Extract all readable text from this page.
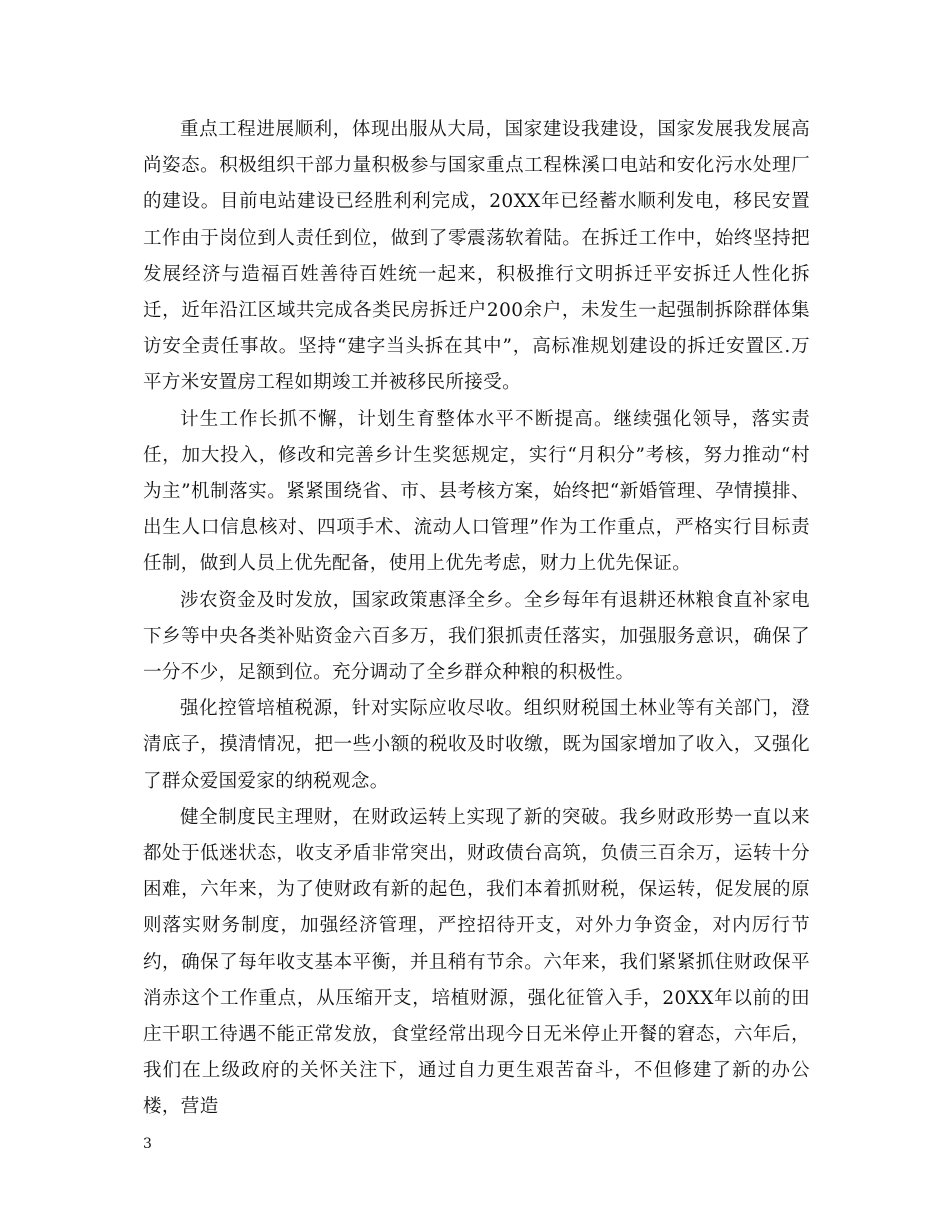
重点工程进展顺利，体现出服从大局，国家建设我建设，国家发展我发展高尚姿态。积极组织干部力量积极参与国家重点工程株溪口电站和安化污水处理厂的建设。目前电站建设已经胜利利完成，20XX年已经蓄水顺利发电，移民安置工作由于岗位到人责任到位，做到了零震荡软着陆。在拆迁工作中，始终坚持把发展经济与造福百姓善待百姓统一起来，积极推行文明拆迁平安拆迁人性化拆迁，近年沿江区域共完成各类民房拆迁户200余户，未发生一起强制拆除群体集访安全责任事故。坚持“建字当头拆在其中”，高标准规划建设的拆迁安置区.万平方米安置房工程如期竣工并被移民所接受。

计生工作长抓不懈，计划生育整体水平不断提高。继续强化领导，落实责任，加大投入，修改和完善乡计生奖惩规定，实行“月积分”考核，努力推动“村为主”机制落实。紧紧围绕省、市、县考核方案，始终把“新婚管理、孕情摸排、出生人口信息核对、四项手术、流动人口管理”作为工作重点，严格实行目标责任制，做到人员上优先配备，使用上优先考虑，财力上优先保证。

涉农资金及时发放，国家政策惠泽全乡。全乡每年有退耕还林粮食直补家电下乡等中央各类补贴资金六百多万，我们狠抓责任落实，加强服务意识，确保了一分不少，足额到位。充分调动了全乡群众种粮的积极性。

强化控管培植税源，针对实际应收尽收。组织财税国土林业等有关部门，澄清底子，摸清情况，把一些小额的税收及时收缴，既为国家增加了收入，又强化了群众爱国爱家的纳税观念。

健全制度民主理财，在财政运转上实现了新的突破。我乡财政形势一直以来都处于低迷状态，收支矛盾非常突出，财政债台高筑，负债三百余万，运转十分困难，六年来，为了使财政有新的起色，我们本着抓财税，保运转，促发展的原则落实财务制度，加强经济管理，严控招待开支，对外力争资金，对内厉行节约，确保了每年收支基本平衡，并且稍有节余。六年来，我们紧紧抓住财政保平消赤这个工作重点，从压缩开支，培植财源，强化征管入手，20XX年以前的田庄干职工待遇不能正常发放，食堂经常出现今日无米停止开餐的窘态，六年后，我们在上级政府的关怀关注下，通过自力更生艰苦奋斗，不但修建了新的办公楼，营造

3
